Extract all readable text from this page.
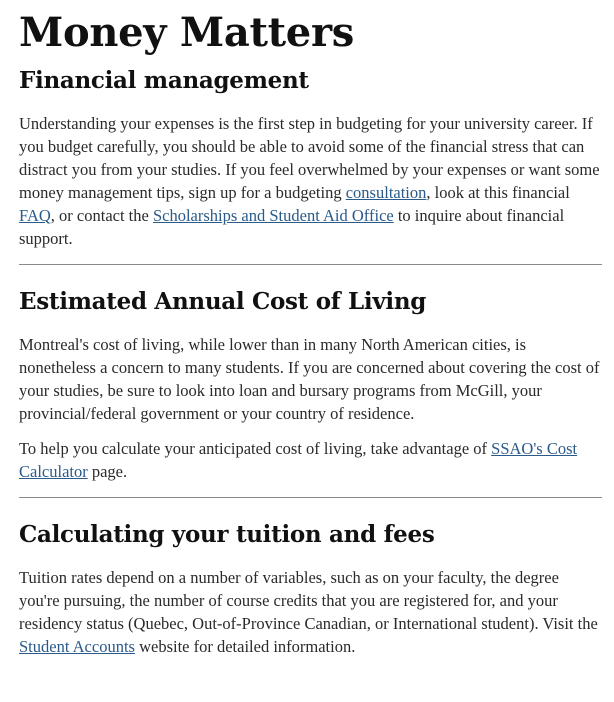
Money Matters
Financial management

Understanding your expenses is the first step in budgeting for your university career. If you budget carefully, you should be able to avoid some of the financial stress that can distract you from your studies. If you feel overwhelmed by your expenses or want some money management tips, sign up for a budgeting consultation, look at this financial FAQ, or contact the Scholarships and Student Aid Office to inquire about financial support.

Estimated Annual Cost of Living

Montreal's cost of living, while lower than in many North American cities, is nonetheless a concern to many students. If you are concerned about covering the cost of your studies, be sure to look into loan and bursary programs from McGill, your provincial/federal government or your country of residence.

To help you calculate your anticipated cost of living, take advantage of SSAO's Cost Calculator page.

Calculating your tuition and fees

Tuition rates depend on a number of variables, such as on your faculty, the degree you're pursuing, the number of course credits that you are registered for, and your residency status (Quebec, Out-of-Province Canadian, or International student). Visit the Student Accounts website for detailed information.
